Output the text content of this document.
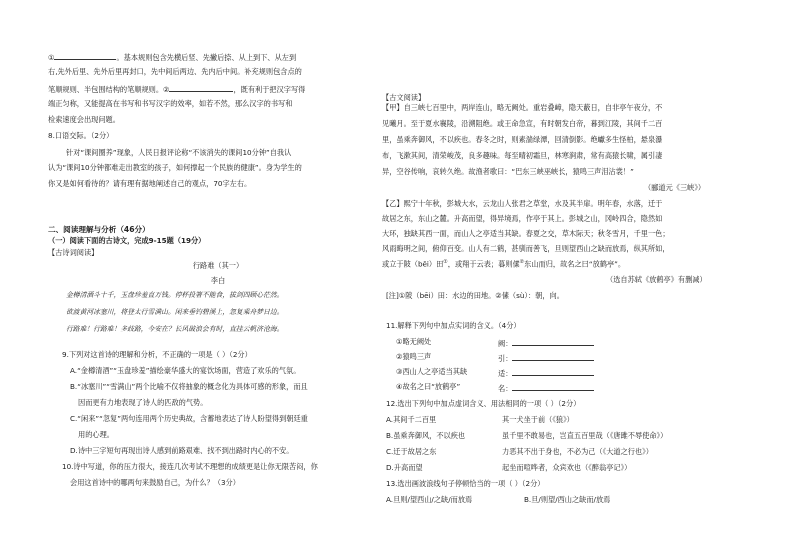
①	。基本规则包含先横后竖、先撇后捺、从上到下、从左到
右,先外后里、先外后里再封口，先中间后两边、先内后中间。补充规则包含点的
笔顺规则、半包围结构的笔顺规则。②	，既有利于把汉字写得
端正匀称，又能提高在书写和书写汉字的效率，如若不然，那么汉字的书写和
检索速度会出现问题。
8.口语交际。（2分）
针对“课间圈养”现象，人民日报评论称“不该消失的课间10分钟”自我认
认为“课间10分钟都难走出教室的孩子，如何撑起一个民族的健康”。身为学生的
你又是如何看待的？请有理有据地阐述自己的观点，70字左右。
二、阅读理解与分析（46分）
（一）阅读下面的古诗文，完成9-15题（19分）
【古诗词阅读】
行路难（其一）
李白
金樽清酒斗十千，玉盘珍羞直万钱。停杯投箸不能食，拔剑四顾心茫然。
欲渡黄河冰塞川，将登太行雪满山。闲来垂钓碧溪上，忽复乘舟梦日边。
行路难！行路难！多歧路，今安在？长风破浪会有时，直挂云帆济沧海。
9.下列对这首诗的理解和分析，不正确的一项是（ ）（2分）
A.“金樽清酒”“玉盘珍羞”描绘豪华盛大的宴饮场面，营造了欢乐的气氛。
B.“冰塞川”“雪满山”两个比喻不仅将抽象的概念化为具体可感的形象，而且
因而更有力地表现了诗人的匹敌的气势。
C.“闲来”“忽复”两句连用两个历史典故，含蓄地表达了诗人盼望得到朝廷重
用的心理。
D.诗中三字短句再现出诗人感到前路艰难、找不到出路时内心的不安。
10.诗中写道，你的压力很大，接连几次考试不理想的成绩更是让你无限苦闷，你
会用这首诗中的哪两句来鼓励自己，为什么？（3分）
【古文阅读】
【甲】自三峡七百里中，两岸连山，略无阙处。重岩叠嶂，隐天蔽日，自非亭午夜分，不
见曦月。至于夏水襄陵，沿溯阻绝。或王命急宣，有时朝发白帝，暮到江陵，其间千二百
里，虽乘奔御风，不以疾也。春冬之时，则素湍绿潭，回清倒影。绝巘多生怪柏，悬泉瀑
布，飞漱其间，清荣峻茂，良多趣味。每至晴初霜旦，林寒涧肃，常有高猿长啸，属引凄
异，空谷传响，哀转久绝。故渔者歌曰：“巴东三峡巫峡长，猿鸣三声泪沾裳！”
（郦道元《三峡》）
【乙】熙宁十年秋，彭城大水，云龙山人张君之草堂，水及其半扉。明年春，水落，迁于
故居之东，东山之麓。升高而望，得异境焉，作亭于其上。彭城之山，冈岭四合，隐然如
大环，独缺其西一面，而山人之亭适当其缺。春夏之交，草木际天；秋冬雪月，千里一色；
风雨晦明之间，俯仰百变。山人有二鹤，甚驯而善飞，旦则望西山之缺而放焉，纵其所如，
或立于陂（bēi）田①，或翔于云表；暮则傃②东山而归，故名之曰“放鹤亭”。
（选自苏轼《放鹤亭》有删减）
[注]①陂（bēi）田：水边的田地。②傃（sù）：朝，向。
11.解释下列句中加点实词的含义。（4分）
①略无阙处	阙：
②猿鸣三声	引：
③西山人之亭适当其缺	适：
④故名之曰“放鹤亭”	名：
12.选出下列句中加点虚词含义、用法相同的一项（ ）（2分）
A.其间千二百里	其一犬坐于前（《狼》）
B.虽乘奔御风，不以疾也	虽千里不敢易也，岂直五百里哉（《唐雎不辱使命》）
C.迁于故居之东	力恶其不出于身也，不必为己（《大道之行也》）
D.升高而望	起坐而喧哗者，众宾欢也（《醉翁亭记》）
13.选出画波浪线句子停顿恰当的一项（ ）（2分）
A.旦则/望西山/之缺/而放焉	B.旦/则望/西山之缺而/放焉
